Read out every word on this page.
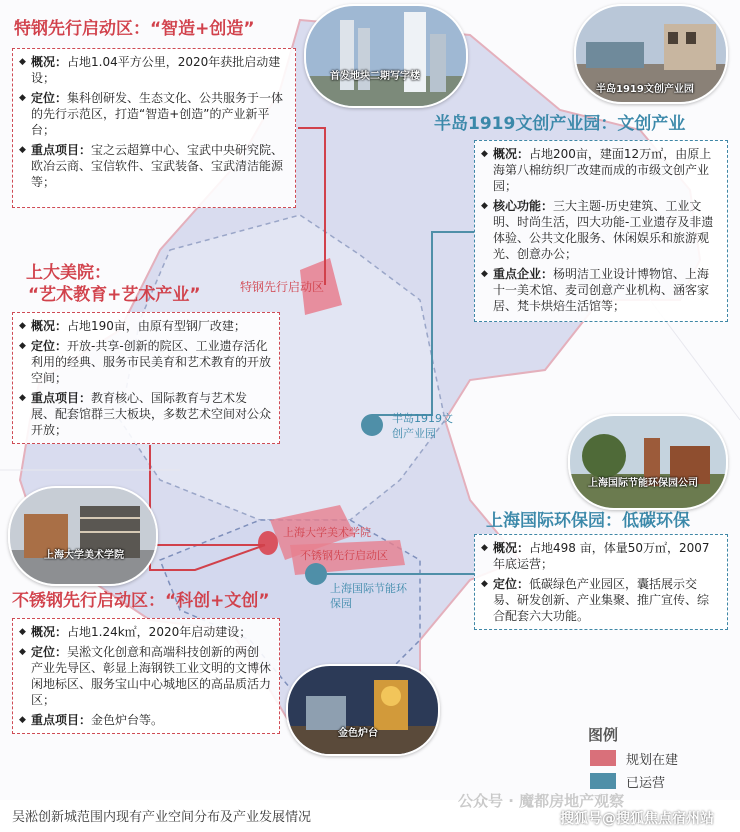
特钢先行启动区：“智造+创造”
半岛1919文创产业园：文创产业
上大美院：
“艺术教育+艺术产业”
不锈钢先行启动区：“科创+文创”
上海国际环保园：低碳环保
◆ 概况：占地1.04平方公里，2020年获批启动建设；
◆ 定位：集科创研发、生态文化、公共服务于一体的先行示范区，打造“智造+创造”的产业新平台；
◆ 重点项目：宝之云超算中心、宝武中央研究院、欧冶云商、宝信软件、宝武装备、宝武清洁能源等；
◆ 概况：占地200亩，建面12万㎡，由原上海第八棉纺织厂改建而成的市级文创产业园；
◆ 核心功能：三大主题-历史建筑、工业文明、时尚生活，四大功能-工业遗存及非遗体验、公共文化服务、休闲娱乐和旅游观光、创意办公；
◆ 重点企业：杨明洁工业设计博物馆、上海十一美术馆、麦司创意产业机构、涵客家居、梵卡烘焙生活馆等；
◆ 概况：占地190亩，由原有型钢厂改建；
◆ 定位：开放-共享-创新的院区、工业遗存活化利用的经典、服务市民美育和艺术教育的开放空间；
◆ 重点项目：教育核心、国际教育与艺术发展、配套馆群三大板块，多数艺术空间对公众开放；
◆ 概况：占地498 亩，体量50万㎡，2007年底运营；
◆ 定位：低碳绿色产业园区，囊括展示交易、研发创新、产业集聚、推广宣传、综合配套六大功能。
◆ 概况：占地1.24k㎡，2020年启动建设；
◆ 定位：吴淞文化创意和高端科技创新的两创产业先导区、彰显上海钢铁工业文明的文博休闲地标区、服务宝山中心城地区的高品质活力区；
◆ 重点项目：金色炉台等。
特钢先行启动区
半岛1919文
创产业园
上海大学美术学院
不锈钢先行启动区
上海国际节能环
保园
首发地块二期写字楼
半岛1919文创产业园
上海大学美术学院
上海国际节能环保园公司
金色炉台	图例
规划在建
已运营
吴淞创新城范围内现有产业空间分布及产业发展情况
公众号 · 魔都房地产观察
搜狐号@搜狐焦点宿州站
